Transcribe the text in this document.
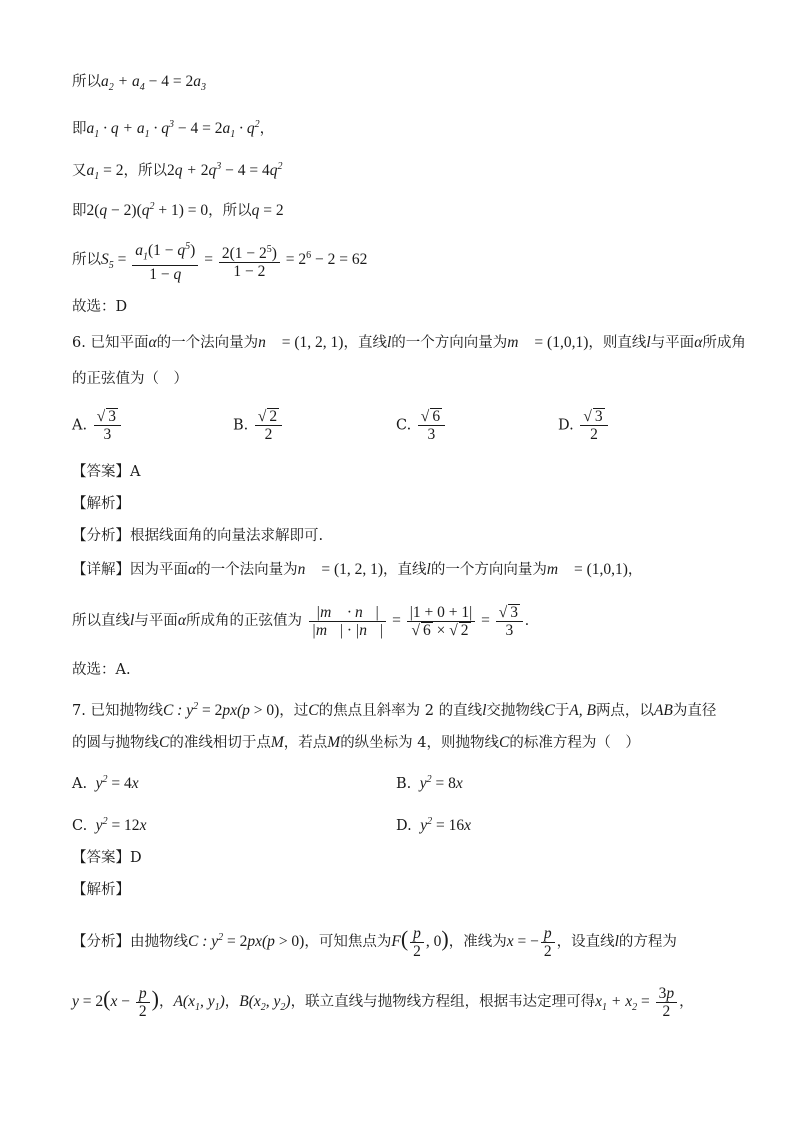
所以$a_2 + a_4 - 4 = 2a_3$
即$a_1 \cdot q + a_1 \cdot q^3 - 4 = 2a_1 \cdot q^2$，
又$a_1 = 2$，所以$2q + 2q^3 - 4 = 4q^2$
即$2(q - 2)(q^2 + 1) = 0$，所以q = 2
所以$S_5 = \frac{a_1(1 - q^5)}{1 - q} = \frac{2(1 - 2^5)}{1 - 2} = 2^6 - 2 = 62$
故选：D
6. 已知平面α的一个法向量为n⃗ = (1, 2, 1)，直线l的一个方向向量为m⃗ = (1,0,1)，则直线l与平面α所成角
的正弦值为（　）
A. $\frac{√ 3}{3}$	B. $\frac{√ 2}{2}$	C. $\frac{√ 6}{3}$	D. $\frac{√ 3}{2}$
【答案】A
【解析】
【分析】根据线面角的向量法求解即可.
【详解】因为平面α的一个法向量为n⃗ = (1, 2, 1)，直线l的一个方向向量为m⃗ = (1,0,1)，
所以直线l与平面α所成角的正弦值为 $\frac{|m⃗ \cdot n⃗|}{|m⃗| \cdot |n⃗|} = \frac{|1 + 0 + 1|}{√ 6 \times √ 2} = \frac{√ 3}{3}$ .
故选：A.
7. 已知抛物线C : $y^2 = 2px(p > 0)$，过C的焦点且斜率为 2 的直线l交抛物线C于A, B两点，以AB为直径
的圆与抛物线C的准线相切于点M，若点M的纵坐标为 4，则抛物线C的标准方程为（　）
A.  $y^2 = 4x$	B.  $y^2 = 8x$
C.  $y^2 = 12x$	D.  $y^2 = 16x$
【答案】D
【解析】
【分析】由抛物线C : $y^2 = 2px(p > 0)$，可知焦点为$F( \frac{p}{2}$ , 0)，准线为x = − $\frac{p}{2}$ ，设直线l的方程为
$y = 2(x - \frac{p}{2}$ )，$A(x_1$, $y_1$)，$B(x_2$, $y_2$)，联立直线与抛物线方程组，根据韦达定理可得$x_1 + x_2 = \frac{3p}{2}$ ，
